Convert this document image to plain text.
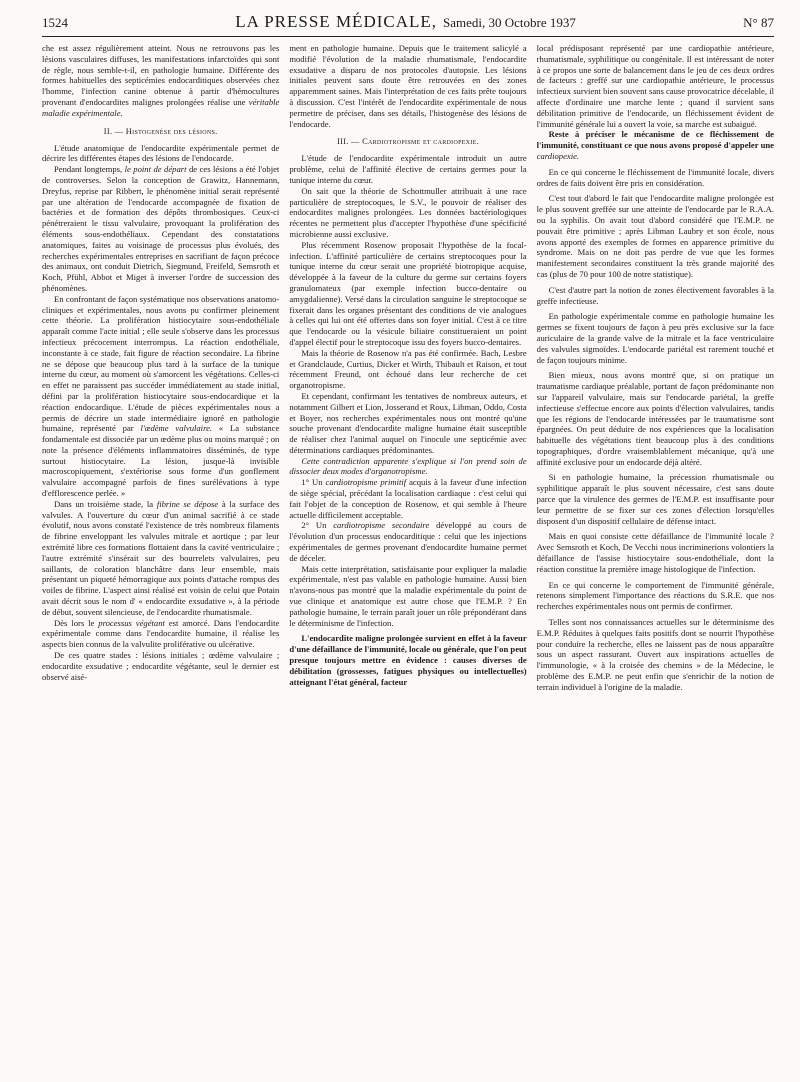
1524	LA PRESSE MÉDICALE, Samedi, 30 Octobre 1937	N° 87

che est assez régulièrement atteint. Nous ne retrouvons pas les lésions vasculaires diffuses, les manifestations infarctoïdes qui sont de règle, nous semble-t-il, en pathologie humaine. Différente des formes habituelles des septicémies endocarditiques observées chez l'homme, l'infection canine obtenue à partir d'hémocultures provenant d'endocardites malignes prolongées réalise une véritable maladie expérimentale.

II. — Histogenèse des lésions.

L'étude anatomique de l'endocardite expérimentale permet de décrire les différentes étapes des lésions de l'endocarde.

Pendant longtemps, le point de départ de ces lésions a été l'objet de controverses. Selon la conception de Grawitz, Hannemann, Dreyfus, reprise par Ribbert, le phénomène initial serait représenté par une altération de l'endocarde accompagnée de fixation de bactéries et de formation des dépôts thrombosiques. Ceux-ci pénétreraient le tissu valvulaire, provoquant la prolifération des éléments sous-endothéliaux. Cependant des constatations anatomiques, faites au voisinage de processus plus évolués, des recherches expérimentales entreprises en sacrifiant de façon précoce des animaux, ont conduit Dietrich, Siegmund, Freifeld, Semsroth et Koch, Pfühl, Abbot et Miget à inverser l'ordre de succession des phénomènes.

En confrontant de façon systématique nos observations anatomo-cliniques et expérimentales, nous avons pu confirmer pleinement cette théorie. La prolifération histiocytaire sous-endothéliale apparaît comme l'acte initial ; elle seule s'observe dans les processus infectieux précocement interrompus. La réaction endothéliale, inconstante à ce stade, fait figure de réaction secondaire. La fibrine ne se dépose que beaucoup plus tard à la surface de la tunique interne du cœur, au moment où s'amorcent les végétations. Celles-ci en effet ne paraissent pas succéder immédiatement au stade initial, défini par la prolifération histiocytaire sous-endocardique et la réaction endocardique. L'étude de pièces expérimentales nous a permis de décrire un stade intermédiaire ignoré en pathologie humaine, représenté par l'œdème valvulaire. « La substance fondamentale est dissociée par un œdème plus ou moins marqué ; on note la présence d'éléments inflammatoires disséminés, de type surtout histiocytaire. La lésion, jusque-là invisible macroscopiquement, s'extériorise sous forme d'un gonflement valvulaire accompagné parfois de fines surélévations à type d'efflorescence perlée. »

Dans un troisième stade, la fibrine se dépose à la surface des valvules. A l'ouverture du cœur d'un animal sacrifié à ce stade évolutif, nous avons constaté l'existence de très nombreux filaments de fibrine enveloppant les valvules mitrale et aortique ; par leur extrémité libre ces formations flottaient dans la cavité ventriculaire ; l'autre extrémité s'insérait sur des bourrelets valvulaires, peu saillants, de coloration blanchâtre dans leur ensemble, mais présentant un piqueté hémorragique aux points d'attache rompus des voiles de fibrine. L'aspect ainsi réalisé est voisin de celui que Potain avait décrit sous le nom d' « endocardite exsudative », à la période de début, souvent silencieuse, de l'endocardite rhumatismale.

Dès lors le processus végétant est amorcé. Dans l'endocardite expérimentale comme dans l'endocardite humaine, il réalise les aspects bien connus de la valvulite proliférative ou ulcérative.

De ces quatre stades : lésions initiales ; œdème valvulaire ; endocardite exsudative ; endocardite végétante, seul le dernier est observé aisé-

ment en pathologie humaine. Depuis que le traitement salicylé a modifié l'évolution de la maladie rhumatismale, l'endocardite exsudative a disparu de nos protocoles d'autopsie. Les lésions initiales peuvent sans doute être retrouvées en des zones apparemment saines. Mais l'interprétation de ces faits prête toujours à discussion. C'est l'intérêt de l'endocardite expérimentale de nous permettre de préciser, dans ses détails, l'histogenèse des lésions de l'endocarde.

III. — Cardiotropisme et cardiopexie.

L'étude de l'endocardite expérimentale introduit un autre problème, celui de l'affinité élective de certains germes pour la tunique interne du cœur.

On sait que la théorie de Schottmuller attribuait à une race particulière de streptocoques, le S.V., le pouvoir de réaliser des endocardites malignes prolongées. Les données bactériologiques récentes ne permettent plus d'accepter l'hypothèse d'une spécificité microbienne aussi exclusive.

Plus récemment Rosenow proposait l'hypothèse de la focal-infection. L'affinité particulière de certains streptocoques pour la tunique interne du cœur serait une propriété biotropique acquise, développée à la faveur de la culture du germe sur certains foyers granulomateux (par exemple infection bucco-dentaire ou amygdalienne). Versé dans la circulation sanguine le streptocoque se fixerait dans les organes présentant des conditions de vie analogues à celles qui lui ont été offertes dans son foyer initial. C'est à ce titre que l'endocarde ou la vésicule biliaire constitueraient un point d'appel électif pour le streptocoque issu des foyers bucco-dentaires.

Mais la théorie de Rosenow n'a pas été confirmée. Bach, Lesbre et Grandclaude, Curtius, Dicker et Wirth, Thibault et Raison, et tout récemment Freund, ont échoué dans leur recherche de cet organotropisme.

Et cependant, confirmant les tentatives de nombreux auteurs, et notamment Gilbert et Lion, Josserand et Roux, Libman, Oddo, Costa et Boyer, nos recherches expérimentales nous ont montré qu'une souche provenant d'endocardite maligne humaine était susceptible de réaliser chez l'animal auquel on l'inocule une septicémie avec déterminations cardiaques prédominantes.

Cette contradiction apparente s'explique si l'on prend soin de dissocier deux modes d'organotropisme.

1° Un cardiotropisme primitif acquis à la faveur d'une infection de siège spécial, précédant la localisation cardiaque : c'est celui qui fait l'objet de la conception de Rosenow, et qui semble à l'heure actuelle difficilement acceptable.

2° Un cardiotropisme secondaire développé au cours de l'évolution d'un processus endocarditique : celui que les injections expérimentales de germes provenant d'endocardite humaine permet de déceler.

Mais cette interprétation, satisfaisante pour expliquer la maladie expérimentale, n'est pas valable en pathologie humaine. Aussi bien n'avons-nous pas montré que la maladie expérimentale du point de vue clinique et anatomique est autre chose que l'E.M.P. ? En pathologie humaine, le terrain paraît jouer un rôle prépondérant dans le déterminisme de l'infection.

L'endocardite maligne prolongée survient en effet à la faveur d'une défaillance de l'immunité, locale ou générale, que l'on peut presque toujours mettre en évidence : causes diverses de débilitation (grossesses, fatigues physiques ou intellectuelles) atteignant l'état général, facteur

local prédisposant représenté par une cardiopathie antérieure, rhumatismale, syphilitique ou congénitale. Il est intéressant de noter à ce propos une sorte de balancement dans le jeu de ces deux ordres de facteurs : greffé sur une cardiopathie antérieure, le processus infectieux survient bien souvent sans cause provocatrice décelable, il affecte d'ordinaire une marche lente ; quand il survient sans débilitation primitive de l'endocarde, un fléchissement évident de l'immunité générale lui a ouvert la voie, sa marche est subaiguë.

Reste à préciser le mécanisme de ce fléchissement de l'immunité, constituant ce que nous avons proposé d'appeler une cardiopexie.

En ce qui concerne le fléchissement de l'immunité locale, divers ordres de faits doivent être pris en considération.

C'est tout d'abord le fait que l'endocardite maligne prolongée est le plus souvent greffée sur une atteinte de l'endocarde par le R.A.A. ou la syphilis. On avait tout d'abord considéré que l'E.M.P. ne pouvait être primitive ; après Libman Laubry et son école, nous avons apporté des exemples de formes en apparence primitive du syndrome. Mais on ne doit pas perdre de vue que les formes manifestement secondaires constituent la très grande majorité des cas (plus de 70 pour 100 de notre statistique).

C'est d'autre part la notion de zones électivement favorables à la greffe infectieuse.

En pathologie expérimentale comme en pathologie humaine les germes se fixent toujours de façon à peu près exclusive sur la face auriculaire de la grande valve de la mitrale et la face ventriculaire des valvules sigmoïdes. L'endocarde pariétal est rarement touché et de façon toujours minime.

Bien mieux, nous avons montré que, si on pratique un traumatisme cardiaque préalable, portant de façon prédominante non sur l'appareil valvulaire, mais sur l'endocarde pariétal, la greffe infectieuse s'effectue encore aux points d'élection valvulaires, tandis que les régions de l'endocarde intéressées par le traumatisme sont épargnées. On peut déduire de nos expériences que la localisation habituelle des végétations tient beaucoup plus à des conditions topographiques, d'ordre vraisemblablement mécanique, qu'à une affinité exclusive pour un endocarde déjà altéré.

Si en pathologie humaine, la précession rhumatismale ou syphilitique apparaît le plus souvent nécessaire, c'est sans doute parce que la virulence des germes de l'E.M.P. est insuffisante pour leur permettre de se fixer sur ces zones d'élection lorsqu'elles disposent d'un dispositif cellulaire de défense intact.

Mais en quoi consiste cette défaillance de l'immunité locale ? Avec Semsroth et Koch, De Vecchi nous incriminerions volontiers la défaillance de l'assise histiocytaire sous-endothéliale, dont la réaction constitue la première image histologique de l'infection.

En ce qui concerne le comportement de l'immunité générale, retenons simplement l'importance des réactions du S.R.E. que nos recherches expérimentales nous ont permis de confirmer.

Telles sont nos connaissances actuelles sur le déterminisme des E.M.P. Réduites à quelques faits positifs dont se nourrit l'hypothèse pour conduire la recherche, elles ne laissent pas de nous apparaître sous un aspect rassurant. Ouvert aux inspirations actuelles de l'immunologie, « à la croisée des chemins » de la Médecine, le problème des E.M.P. ne peut enfin que s'enrichir de la notion de terrain individuel à l'origine de la maladie.
